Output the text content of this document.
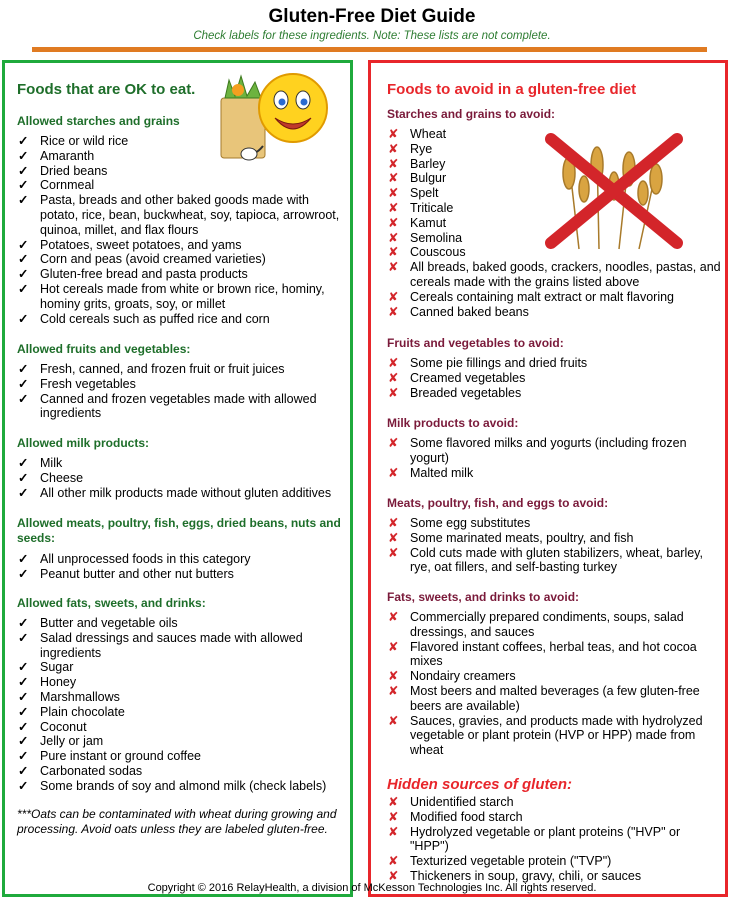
Gluten-Free Diet Guide
Check labels for these ingredients. Note: These lists are not complete.
Foods that are OK to eat.
Allowed starches and grains
✓ Rice or wild rice
✓ Amaranth
✓ Dried beans
✓ Cornmeal
✓ Pasta, breads and other baked goods made with potato, rice, bean, buckwheat, soy, tapioca, arrowroot, quinoa, millet, and flax flours
✓ Potatoes, sweet potatoes, and yams
✓ Corn and peas (avoid creamed varieties)
✓ Gluten-free bread and pasta products
✓ Hot cereals made from white or brown rice, hominy, hominy grits, groats, soy, or millet
✓ Cold cereals such as puffed rice and corn
Allowed fruits and vegetables:
✓ Fresh, canned, and frozen fruit or fruit juices
✓ Fresh vegetables
✓ Canned and frozen vegetables made with allowed ingredients
Allowed milk products:
✓ Milk
✓ Cheese
✓ All other milk products made without gluten additives
Allowed meats, poultry, fish, eggs, dried beans, nuts and seeds:
✓ All unprocessed foods in this category
✓ Peanut butter and other nut butters
Allowed fats, sweets, and drinks:
✓ Butter and vegetable oils
✓ Salad dressings and sauces made with allowed ingredients
✓ Sugar
✓ Honey
✓ Marshmallows
✓ Plain chocolate
✓ Coconut
✓ Jelly or jam
✓ Pure instant or ground coffee
✓ Carbonated sodas
✓ Some brands of soy and almond milk (check labels)
***Oats can be contaminated with wheat during growing and processing. Avoid oats unless they are labeled gluten-free.
Foods to avoid in a gluten-free diet
Starches and grains to avoid:
✘ Wheat
✘ Rye
✘ Barley
✘ Bulgur
✘ Spelt
✘ Triticale
✘ Kamut
✘ Semolina
✘ Couscous
✘ All breads, baked goods, crackers, noodles, pastas, and cereals made with the grains listed above
✘ Cereals containing malt extract or malt flavoring
✘ Canned baked beans
Fruits and vegetables to avoid:
✘ Some pie fillings and dried fruits
✘ Creamed vegetables
✘ Breaded vegetables
Milk products to avoid:
✘ Some flavored milks and yogurts (including frozen yogurt)
✘ Malted milk
Meats, poultry, fish, and eggs to avoid:
✘ Some egg substitutes
✘ Some marinated meats, poultry, and fish
✘ Cold cuts made with gluten stabilizers, wheat, barley, rye, oat fillers, and self-basting turkey
Fats, sweets, and drinks to avoid:
✘ Commercially prepared condiments, soups, salad dressings, and sauces
✘ Flavored instant coffees, herbal teas, and hot cocoa mixes
✘ Nondairy creamers
✘ Most beers and malted beverages (a few gluten-free beers are available)
✘ Sauces, gravies, and products made with hydrolyzed vegetable or plant protein (HVP or HPP) made from wheat
Hidden sources of gluten:
✘ Unidentified starch
✘ Modified food starch
✘ Hydrolyzed vegetable or plant proteins ("HVP" or "HPP")
✘ Texturized vegetable protein ("TVP")
✘ Thickeners in soup, gravy, chili, or sauces
Copyright © 2016 RelayHealth, a division of McKesson Technologies Inc. All rights reserved.
